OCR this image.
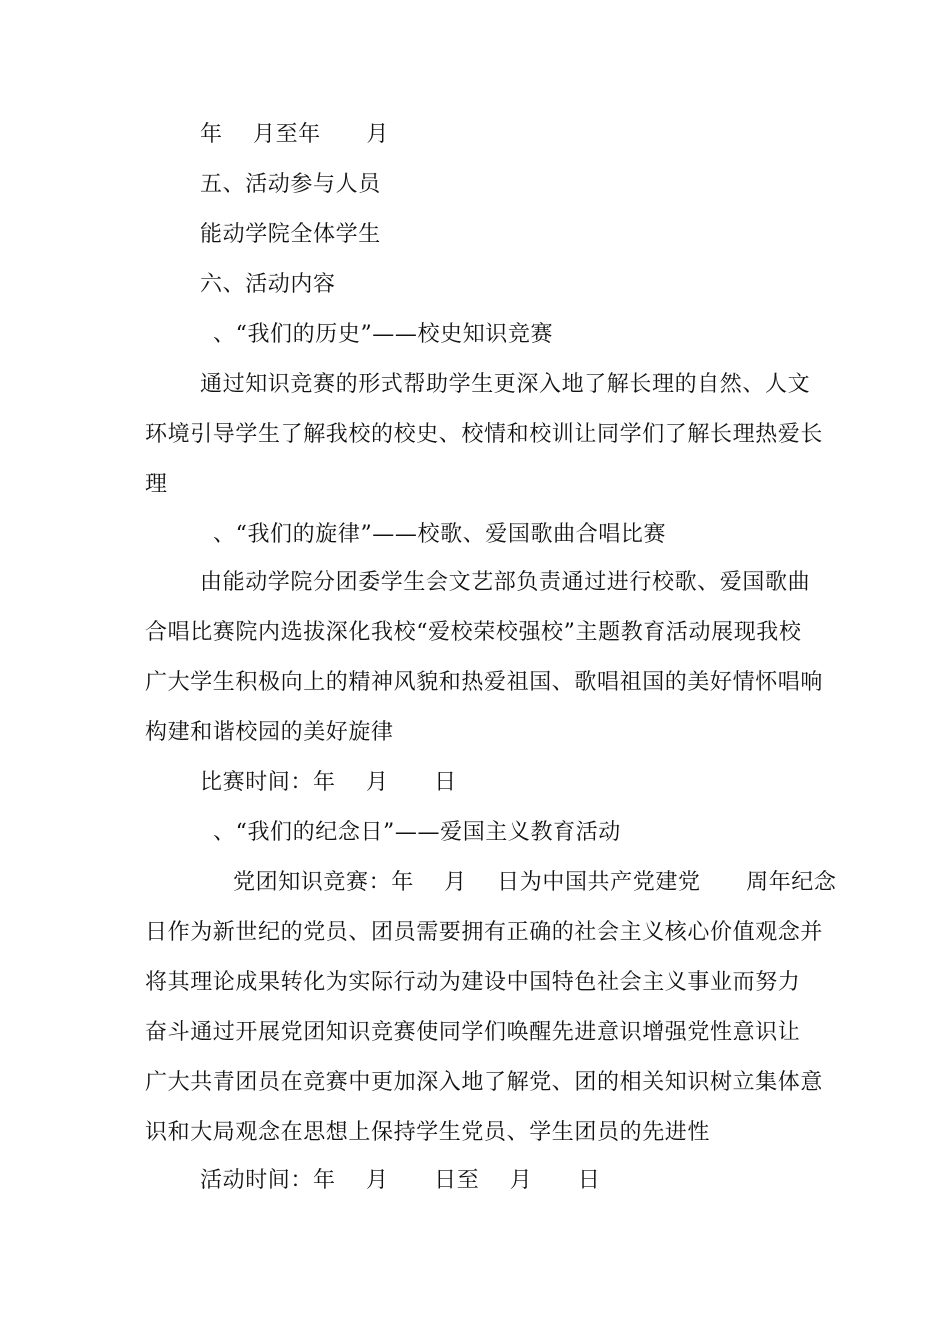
年    月至年      月
五、活动参与人员
能动学院全体学生
六、活动内容
、“我们的历史”——校史知识竞赛
通过知识竞赛的形式帮助学生更深入地了解长理的自然、人文
环境引导学生了解我校的校史、校情和校训让同学们了解长理热爱长
理
、“我们的旋律”——校歌、爱国歌曲合唱比赛
由能动学院分团委学生会文艺部负责通过进行校歌、爱国歌曲
合唱比赛院内选拔深化我校“爱校荣校强校”主题教育活动展现我校
广大学生积极向上的精神风貌和热爱祖国、歌唱祖国的美好情怀唱响
构建和谐校园的美好旋律
比赛时间：年    月      日
、“我们的纪念日”——爱国主义教育活动
党团知识竞赛：年    月    日为中国共产党建党      周年纪念
日作为新世纪的党员、团员需要拥有正确的社会主义核心价值观念并
将其理论成果转化为实际行动为建设中国特色社会主义事业而努力
奋斗通过开展党团知识竞赛使同学们唤醒先进意识增强党性意识让
广大共青团员在竞赛中更加深入地了解党、团的相关知识树立集体意
识和大局观念在思想上保持学生党员、学生团员的先进性
活动时间：年    月      日至    月      日
